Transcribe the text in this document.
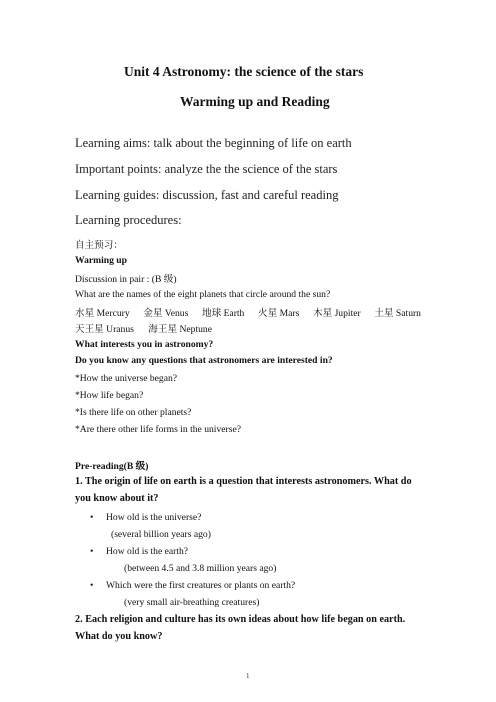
Unit 4 Astronomy: the science of the stars
Warming up and Reading
Learning aims: talk about the beginning of life on earth
Important points: analyze the the science of the stars
Learning guides: discussion, fast and careful reading
Learning procedures:
自主预习：
Warming up
Discussion in pair : (B 级)
What are the names of the eight planets that circle around the sun?
水星 Mercury 金星 Venus 地球 Earth 火星 Mars 木星 Jupiter 土星 Saturn
天王星 Uranus      海王星 Neptune
What interests you in astronomy?
Do you know any questions that astronomers are interested in?
*How the universe began?
*How life began?
*Is there life on other planets?
*Are there other life forms in the universe?
Pre-reading(B 级)
1. The origin of life on earth is a question that interests astronomers. What do
you know about it?
• How old is the universe?
(several billion years ago)
• How old is the earth?
(between 4.5 and 3.8 million years ago)
• Which were the first creatures or plants on earth?
(very small air-breathing creatures)
2. Each religion and culture has its own ideas about how life began on earth.
What do you know?
1
